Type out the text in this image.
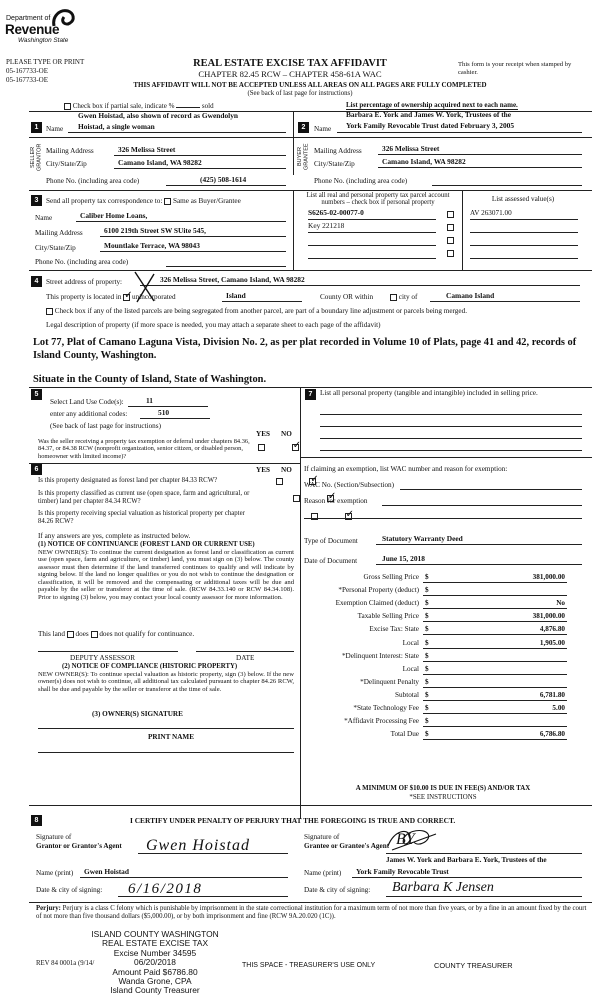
Department of
Revenue
Washington State
PLEASE TYPE OR PRINT
05-167733-OE
05-167733-OE
REAL ESTATE EXCISE TAX AFFIDAVIT
CHAPTER 82.45 RCW – CHAPTER 458-61A WAC
This form is your receipt when stamped by cashier.
THIS AFFIDAVIT WILL NOT BE ACCEPTED UNLESS ALL AREAS ON ALL PAGES ARE FULLY COMPLETED
(See back of last page for instructions)
Check box if partial sale, indicate %	sold	List percentage of ownership acquired next to each name.
1
Gwen Hoistad, also shown of record as Gwendolyn
Name Hoistad, a single woman	2
Barbara E. York and James W. York, Trustees of the
Name York Family Revocable Trust dated February 3, 2005
SELLER GRANTOR Mailing Address	326 Melissa Street
City/State/Zip	Camano Island, WA 98282
Phone No. (including area code)	(425) 508-1614
BUYER GRANTEE Mailing Address	326 Melissa Street
City/State/Zip	Camano Island, WA 98282
Phone No. (including area code)
3	Send all property tax correspondence to: Same as Buyer/Grantee
Name	Caliber Home Loans,
Mailing Address	6100 219th Street SW SUite 545,
City/State/Zip	Mountlake Terrace, WA 98043
Phone No. (including area code)
List all real and personal property tax parcel account numbers – check box if personal property	List assessed value(s)
S6265-02-00077-0
Key 221218
AV 263071.00
4	Street address of property:	326 Melissa Street, Camano Island, WA 98282
This property is located in ✓ unincorporated	Island	County OR within	city of	Camano Island
Check box if any of the listed parcels are being segregated from another parcel, are part of a boundary line adjustment or parcels being merged.
Legal description of property (if more space is needed, you may attach a separate sheet to each page of the affidavit)
Lot 77, Plat of Camano Laguna Vista, Division No. 2, as per plat recorded in Volume 10 of Plats, page 41 and 42, records of Island County, Washington.
Situate in the County of Island, State of Washington.
5
Select Land Use Code(s):	11
enter any additional codes:	510
(See back of last page for instructions)
YES NO
Was the seller receiving a property tax exemption or deferral under chapters 84.36, 84.37, or 84.38 RCW (nonprofit organization, senior citizen, or disabled person, homeowner with limited income)?
✓
6	YES NO
Is this property designated as forest land per chapter 84.33 RCW?
✓
Is this property classified as current use (open space, farm and agricultural, or timber) land per chapter 84.34 RCW?
✓
Is this property receiving special valuation as historical property per chapter 84.26 RCW?
✓
If any answers are yes, complete as instructed below.
(1) NOTICE OF CONTINUANCE (FOREST LAND OR CURRENT USE)
NEW OWNER(S): To continue the current designation as forest land or classification as current use (open space, farm and agriculture, or timber) land, you must sign on (3) below. The county assessor must then determine if the land transferred continues to qualify and will indicate by signing below. If the land no longer qualifies or you do not wish to continue the designation or classification, it will be removed and the compensating or additional taxes will be due and payable by the seller or transferor at the time of sale. (RCW 84.33.140 or RCW 84.34.108). Prior to signing (3) below, you may contact your local county assessor for more information.
This land does does not qualify for continuance.
DEPUTY ASSESSOR	DATE
(2) NOTICE OF COMPLIANCE (HISTORIC PROPERTY)
NEW OWNER(S): To continue special valuation as historic property, sign (3) below. If the new owner(s) does not wish to continue, all additional tax calculated pursuant to chapter 84.26 RCW, shall be due and payable by the seller or transferor at the time of sale.
(3) OWNER(S) SIGNATURE
PRINT NAME
7	List all personal property (tangible and intangible) included in selling price.
If claiming an exemption, list WAC number and reason for exemption:
WAC No. (Section/Subsection)
Reason for exemption
Type of Document	Statutory Warranty Deed
Date of Document	June 15, 2018
Gross Selling Price $	381,000.00
*Personal Property (deduct) $
Exemption Claimed (deduct) $	No
Taxable Selling Price $	381,000.00
Excise Tax: State $	4,876.80
Local $	1,905.00
*Delinquent Interest: State $
Local $
*Delinquent Penalty $
Subtotal $	6,781.80
*State Technology Fee $	5.00
*Affidavit Processing Fee $
Total Due $	6,786.80
A MINIMUM OF $10.00 IS DUE IN FEE(S) AND/OR TAX
*SEE INSTRUCTIONS
8	I CERTIFY UNDER PENALTY OF PERJURY THAT THE FOREGOING IS TRUE AND CORRECT.
Signature of
Grantor or Grantor's Agent Gwen Hoistad	Signature of
Grantee or Grantee's Agent BY
James W. York and Barbara E. York, Trustees of the
Name (print) Gwen Hoistad	Name (print) York Family Revocable Trust
Date & city of signing: 6/16/2018	Date & city of signing: Barbara K Jensen
Perjury: Perjury is a class C felony which is punishable by imprisonment in the state correctional institution for a maximum term of not more than five years, or by a fine in an amount fixed by the court of not more than five thousand dollars ($5,000.00), or by both imprisonment and fine (RCW 9A.20.020 (1C)).
ISLAND COUNTY WASHINGTON
REAL ESTATE EXCISE TAX
Excise Number 34595
06/20/2018
Amount Paid $6786.80
Wanda Grone, CPA
Island County Treasurer
REV 84 0001a (9/14/	THIS SPACE - TREASURER'S USE ONLY	COUNTY TREASURER
